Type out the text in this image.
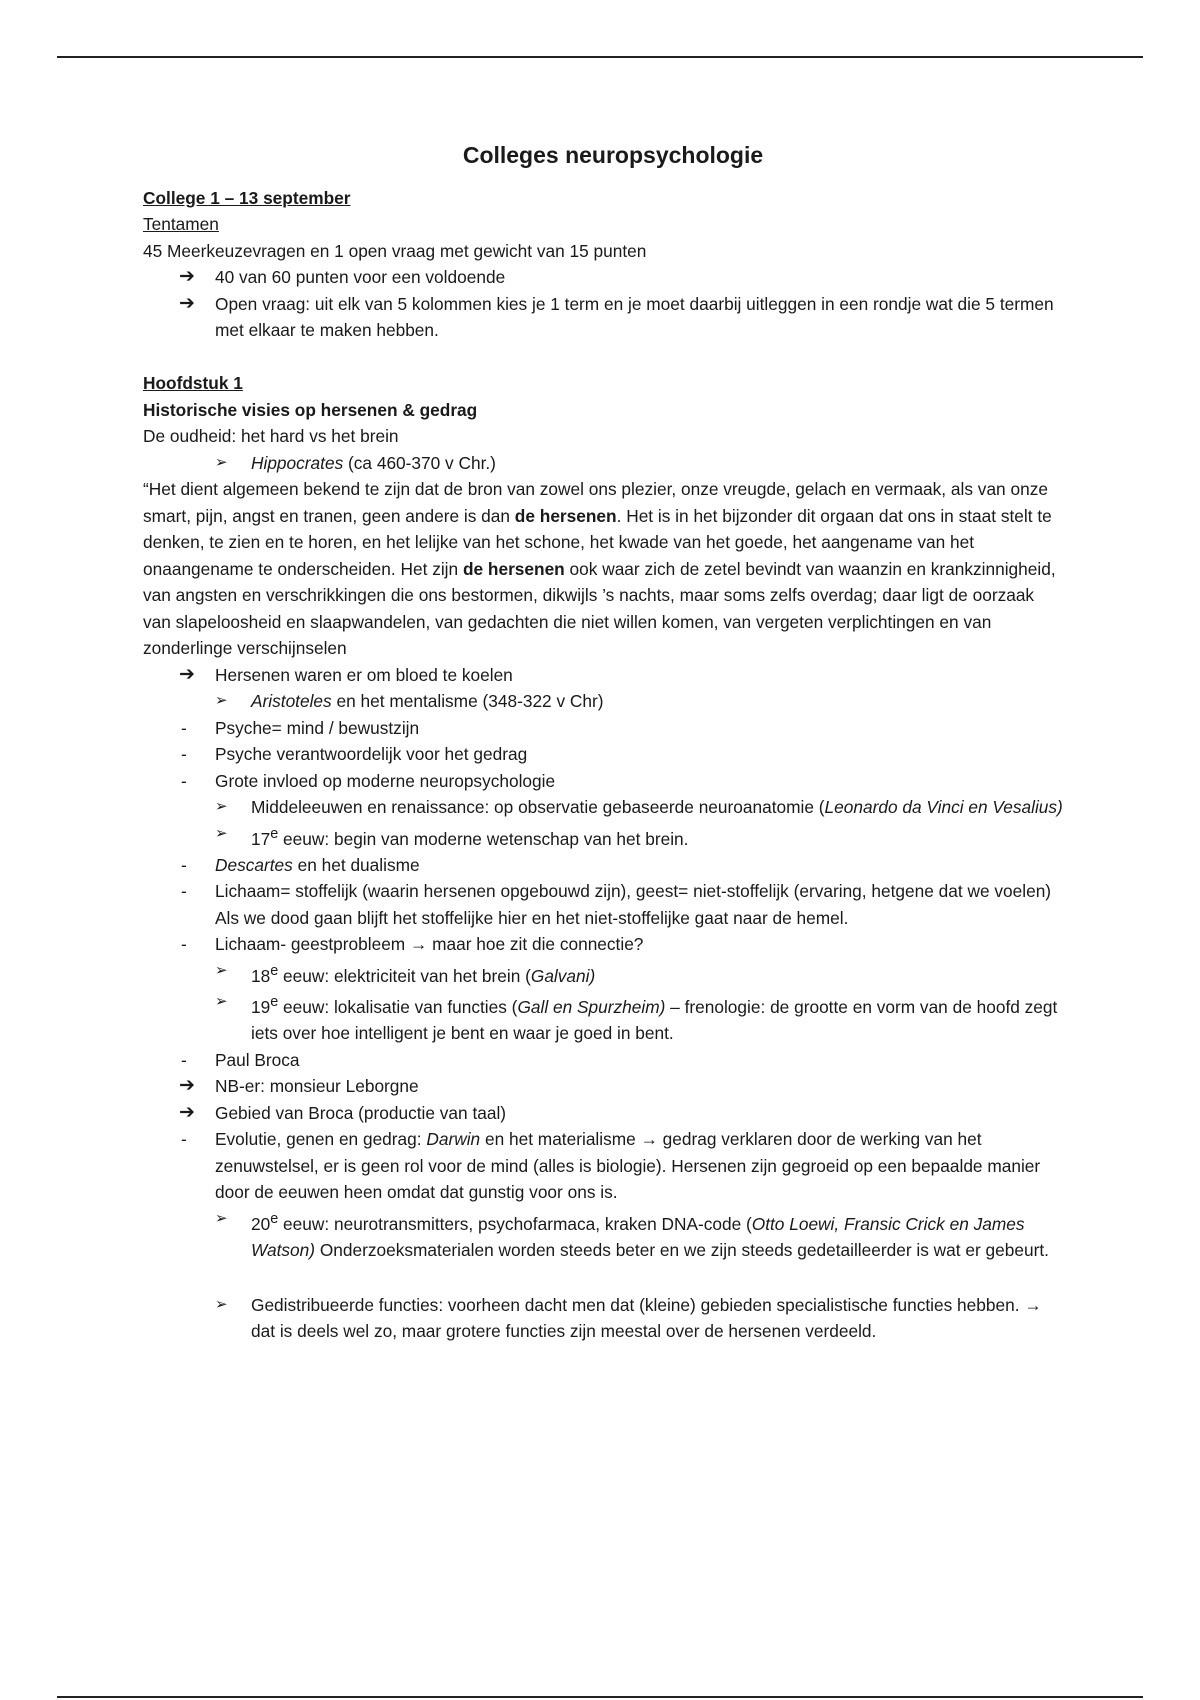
Colleges neuropsychologie

College 1 – 13 september

Tentamen

45 Meerkeuzevragen en 1 open vraag met gewicht van 15 punten

➔ 40 van 60 punten voor een voldoende
➔ Open vraag: uit elk van 5 kolommen kies je 1 term en je moet daarbij uitleggen in een rondje wat die 5 termen met elkaar te maken hebben.

Hoofdstuk 1

Historische visies op hersenen & gedrag

De oudheid: het hard vs het brein

➢ Hippocrates (ca 460-370 v Chr.)

“Het dient algemeen bekend te zijn dat de bron van zowel ons plezier, onze vreugde, gelach en vermaak, als van onze smart, pijn, angst en tranen, geen andere is dan de hersenen. Het is in het bijzonder dit orgaan dat ons in staat stelt te denken, te zien en te horen, en het lelijke van het schone, het kwade van het goede, het aangename van het onaangename te onderscheiden. Het zijn de hersenen ook waar zich de zetel bevindt van waanzin en krankzinnigheid, van angsten en verschrikkingen die ons bestormen, dikwijls ’s nachts, maar soms zelfs overdag; daar ligt de oorzaak van slapeloosheid en slaapwandelen, van gedachten die niet willen komen, van vergeten verplichtingen en van zonderlinge verschijnselen

➔ Hersenen waren er om bloed te koelen
➢ Aristoteles en het mentalisme (348-322 v Chr)
- Psyche= mind / bewustzijn
- Psyche verantwoordelijk voor het gedrag
- Grote invloed op moderne neuropsychologie
➢ Middeleeuwen en renaissance: op observatie gebaseerde neuroanatomie (Leonardo da Vinci en Vesalius)
➢ 17e eeuw: begin van moderne wetenschap van het brein.
- Descartes en het dualisme
- Lichaam= stoffelijk (waarin hersenen opgebouwd zijn), geest= niet-stoffelijk (ervaring, hetgene dat we voelen) Als we dood gaan blijft het stoffelijke hier en het niet-stoffelijke gaat naar de hemel.
- Lichaam- geestprobleem → maar hoe zit die connectie?
➢ 18e eeuw: elektriciteit van het brein (Galvani)
➢ 19e eeuw: lokalisatie van functies (Gall en Spurzheim) – frenologie: de grootte en vorm van de hoofd zegt iets over hoe intelligent je bent en waar je goed in bent.
- Paul Broca
➔ NB-er: monsieur Leborgne
➔ Gebied van Broca (productie van taal)
- Evolutie, genen en gedrag: Darwin en het materialisme → gedrag verklaren door de werking van het zenuwstelsel, er is geen rol voor de mind (alles is biologie). Hersenen zijn gegroeid op een bepaalde manier door de eeuwen heen omdat dat gunstig voor ons is.
➢ 20e eeuw: neurotransmitters, psychofarmaca, kraken DNA-code (Otto Loewi, Fransic Crick en James Watson) Onderzoeksmaterialen worden steeds beter en we zijn steeds gedetailleerder is wat er gebeurt.
➢ Gedistribueerde functies: voorheen dacht men dat (kleine) gebieden specialistische functies hebben. → dat is deels wel zo, maar grotere functies zijn meestal over de hersenen verdeeld.
